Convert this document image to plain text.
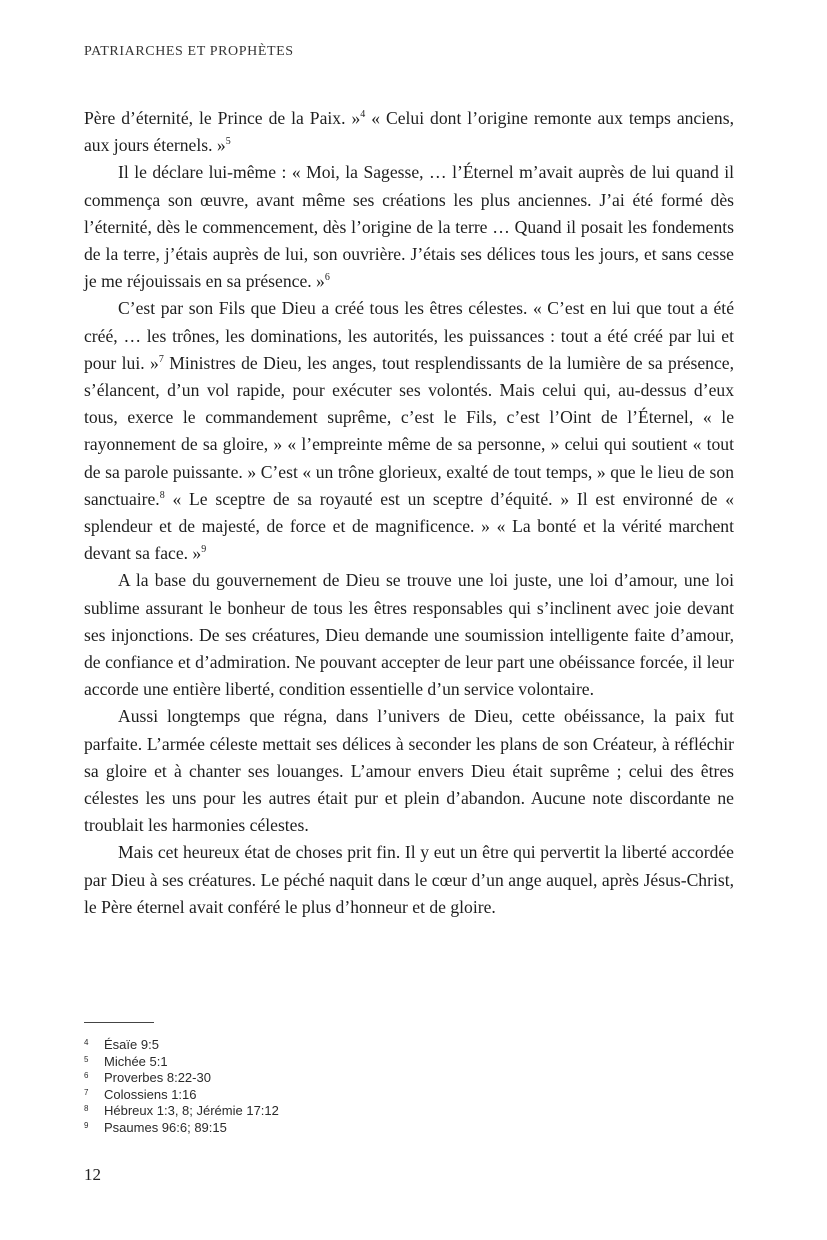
PATRIARCHES ET PROPHÈTES

Père d’éternité, le Prince de la Paix. »$^4$ « Celui dont l’origine remonte aux temps anciens, aux jours éternels. »$^5$

Il le déclare lui-même : « Moi, la Sagesse, … l’Éternel m’avait auprès de lui quand il commença son œuvre, avant même ses créations les plus anciennes. J’ai été formé dès l’éternité, dès le commencement, dès l’origine de la terre … Quand il posait les fondements de la terre, j’étais auprès de lui, son ouvrière. J’étais ses délices tous les jours, et sans cesse je me réjouissais en sa présence. »$^6$

C’est par son Fils que Dieu a créé tous les êtres célestes. « C’est en lui que tout a été créé, … les trônes, les dominations, les autorités, les puissances : tout a été créé par lui et pour lui. »$^7$ Ministres de Dieu, les anges, tout resplendissants de la lumière de sa présence, s’élancent, d’un vol rapide, pour exécuter ses volontés. Mais celui qui, au-dessus d’eux tous, exerce le commandement suprême, c’est le Fils, c’est l’Oint de l’Éternel, « le rayonnement de sa gloire, » « l’empreinte même de sa personne, » celui qui soutient « tout de sa parole puissante. » C’est « un trône glorieux, exalté de tout temps, » que le lieu de son sanctuaire.$^8$ « Le sceptre de sa royauté est un sceptre d’équité. » Il est environné de « splendeur et de majesté, de force et de magnificence. » « La bonté et la vérité marchent devant sa face. »$^9$

A la base du gouvernement de Dieu se trouve une loi juste, une loi d’amour, une loi sublime assurant le bonheur de tous les êtres responsables qui s’inclinent avec joie devant ses injonctions. De ses créatures, Dieu demande une soumission intelligente faite d’amour, de confiance et d’admiration. Ne pouvant accepter de leur part une obéissance forcée, il leur accorde une entière liberté, condition essentielle d’un service volontaire.

Aussi longtemps que régna, dans l’univers de Dieu, cette obéissance, la paix fut parfaite. L’armée céleste mettait ses délices à seconder les plans de son Créateur, à réfléchir sa gloire et à chanter ses louanges. L’amour envers Dieu était suprême ; celui des êtres célestes les uns pour les autres était pur et plein d’abandon. Aucune note discordante ne troublait les harmonies célestes.

Mais cet heureux état de choses prit fin. Il y eut un être qui pervertit la liberté accordée par Dieu à ses créatures. Le péché naquit dans le cœur d’un ange auquel, après Jésus-Christ, le Père éternel avait conféré le plus d’honneur et de gloire.

4	Ésaïe 9:5
5	Michée 5:1
6	Proverbes 8:22-30
7	Colossiens 1:16
8	Hébreux 1:3, 8; Jérémie 17:12
9	Psaumes 96:6; 89:15
12
